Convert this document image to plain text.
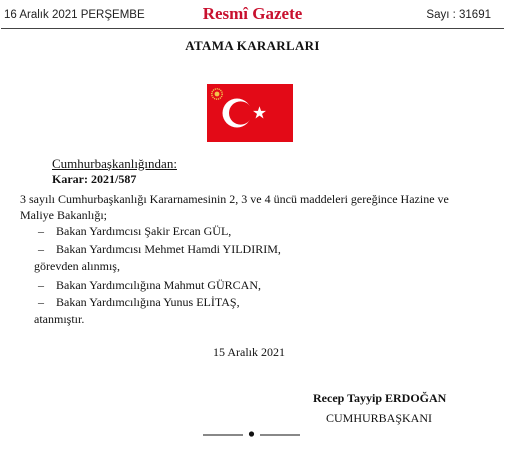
16 Aralık 2021 PERŞEMBE	Resmî Gazete	Sayı : 31691
ATAMA KARARLARI
Cumhurbaşkanlığından:
Karar: 2021/587
3 sayılı Cumhurbaşkanlığı Kararnamesinin 2, 3 ve 4 üncü maddeleri gereğince Hazine ve
Maliye Bakanlığı;
– Bakan Yardımcısı Şakir Ercan GÜL,
– Bakan Yardımcısı Mehmet Hamdi YILDIRIM,
görevden alınmış,
– Bakan Yardımcılığına Mahmut GÜRCAN,
– Bakan Yardımcılığına Yunus ELİTAŞ,
atanmıştır.
15 Aralık 2021
Recep Tayyip ERDOĞAN
CUMHURBAŞKANI
